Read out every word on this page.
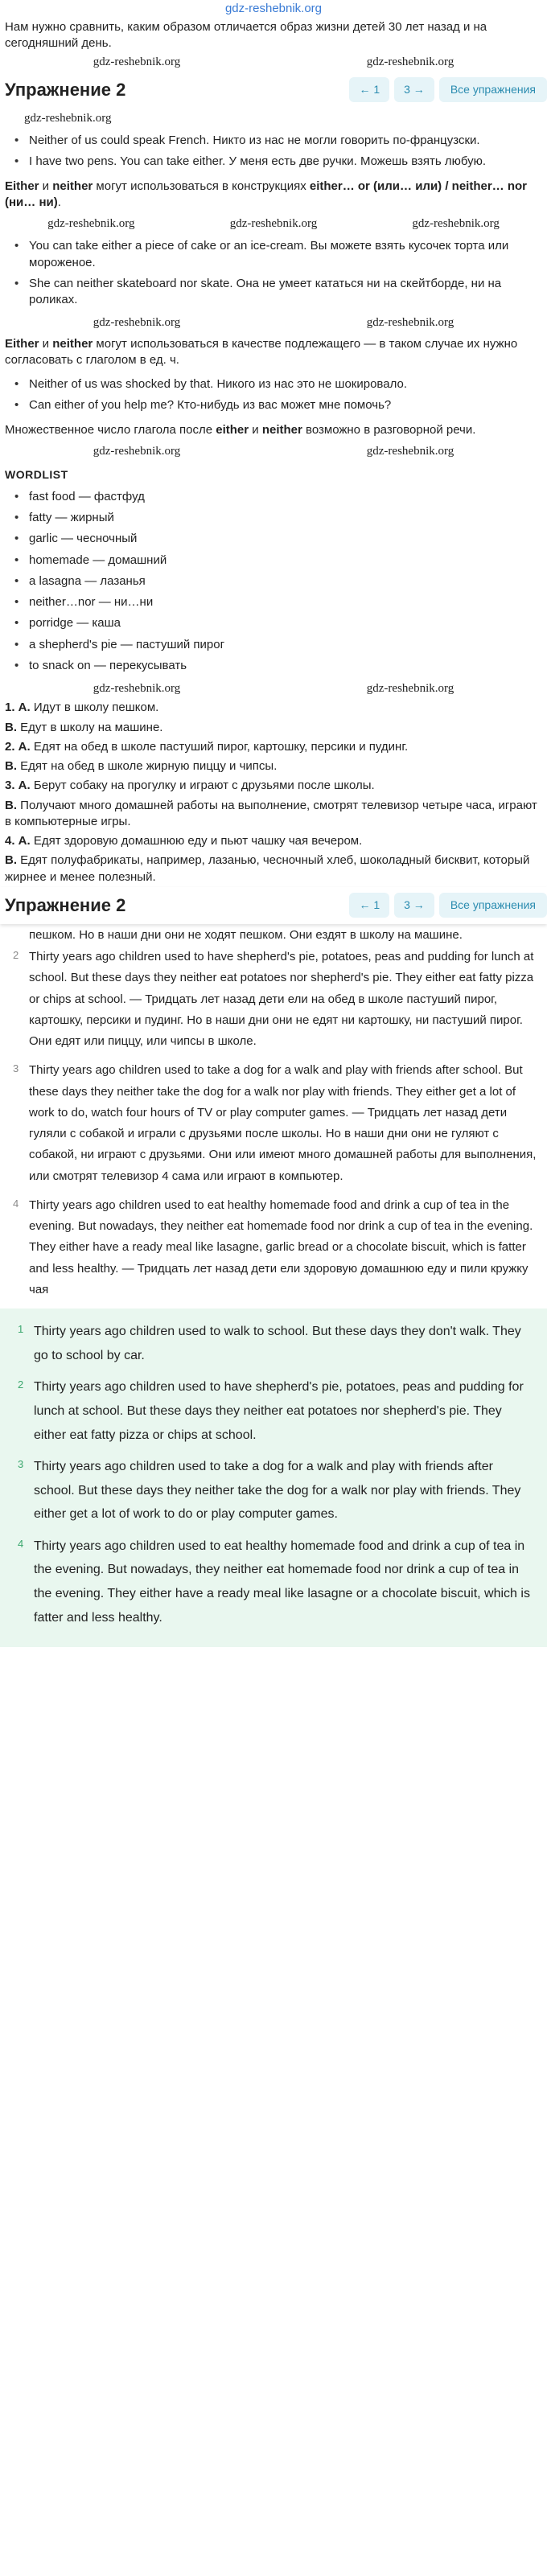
gdz-reshebnik.org
Нам нужно сравнить, каким образом отличается образ жизни детей 30 лет назад и на сегодняшний день.
gdz-reshebnik.org	gdz-reshebnik.org
Упражнение 2	← 1	3 →	Все упражнения
gdz-reshebnik.org
• Neither of us could speak French. Никто из нас не могли говорить по-французски.
• I have two pens. You can take either. У меня есть две ручки. Можешь взять любую.
Either и neither могут использоваться в конструкциях either… or (или… или) / neither… nor (ни… ни).
gdz-reshebnik.org	gdz-reshebnik.org	gdz-reshebnik.org
• You can take either a piece of cake or an ice-cream. Вы можете взять кусочек торта или мороженое.
• She can neither skateboard nor skate. Она не умеет кататься ни на скейтборде, ни на роликах.
gdz-reshebnik.org	gdz-reshebnik.org
Either и neither могут использоваться в качестве подлежащего — в таком случае их нужно согласовать с глаголом в ед. ч.
• Neither of us was shocked by that. Никого из нас это не шокировало.
• Can either of you help me? Кто-нибудь из вас может мне помочь?
Множественное число глагола после either и neither возможно в разговорной речи.
gdz-reshebnik.org	gdz-reshebnik.org
WORDLIST
• fast food — фастфуд
• fatty — жирный
• garlic — чесночный
• homemade — домашний
• a lasagna — лазанья
• neither…nor — ни…ни
• porridge — каша
• a shepherd's pie — пастуший пирог
• to snack on — перекусывать
gdz-reshebnik.org	gdz-reshebnik.org
1. А. Идут в школу пешком.
В. Едут в школу на машине.
2. А. Едят на обед в школе пастуший пирог, картошку, персики и пудинг.
В. Едят на обед в школе жирную пиццу и чипсы.
3. А. Берут собаку на прогулку и играют с друзьями после школы.
В. Получают много домашней работы на выполнение, смотрят телевизор четыре часа, играют в компьютерные игры.
4. А. Едят здоровую домашнюю еду и пьют чашку чая вечером.
В. Едят полуфабрикаты, например, лазанью, чесночный хлеб, шоколадный бисквит, который жирнее и менее полезный.
Упражнение 2	← 1	3 →	Все упражнения
пешком. Но в наши дни они не ходят пешком. Они ездят в школу на машине.
2 Thirty years ago children used to have shepherd's pie, potatoes, peas and pudding for lunch at school. But these days they neither eat potatoes nor shepherd's pie. They either eat fatty pizza or chips at school. — Тридцать лет назад дети ели на обед в школе пастуший пирог, картошку, персики и пудинг. Но в наши дни они не едят ни картошку, ни пастуший пирог. Они едят или пиццу, или чипсы в школе.
3 Thirty years ago children used to take a dog for a walk and play with friends after school. But these days they neither take the dog for a walk nor play with friends. They either get a lot of work to do, watch four hours of TV or play computer games. — Тридцать лет назад дети гуляли с собакой и играли с друзьями после школы. Но в наши дни они не гуляют с собакой, ни играют с друзьями. Они или имеют много домашней работы для выполнения, или смотрят телевизор 4 сама или играют в компьютер.
4 Thirty years ago children used to eat healthy homemade food and drink a cup of tea in the evening. But nowadays, they neither eat homemade food nor drink a cup of tea in the evening. They either have a ready meal like lasagne, garlic bread or a chocolate biscuit, which is fatter and less healthy. — Тридцать лет назад дети ели здоровую домашнюю еду и пили кружку чая
1 Thirty years ago children used to walk to school. But these days they don't walk. They go to school by car.
2 Thirty years ago children used to have shepherd's pie, potatoes, peas and pudding for lunch at school. But these days they neither eat potatoes nor shepherd's pie. They either eat fatty pizza or chips at school.
3 Thirty years ago children used to take a dog for a walk and play with friends after school. But these days they neither take the dog for a walk nor play with friends. They either get a lot of work to do or play computer games.
4 Thirty years ago children used to eat healthy homemade food and drink a cup of tea in the evening. But nowadays, they neither eat homemade food nor drink a cup of tea in the evening. They either have a ready meal like lasagne or a chocolate biscuit, which is fatter and less healthy.
